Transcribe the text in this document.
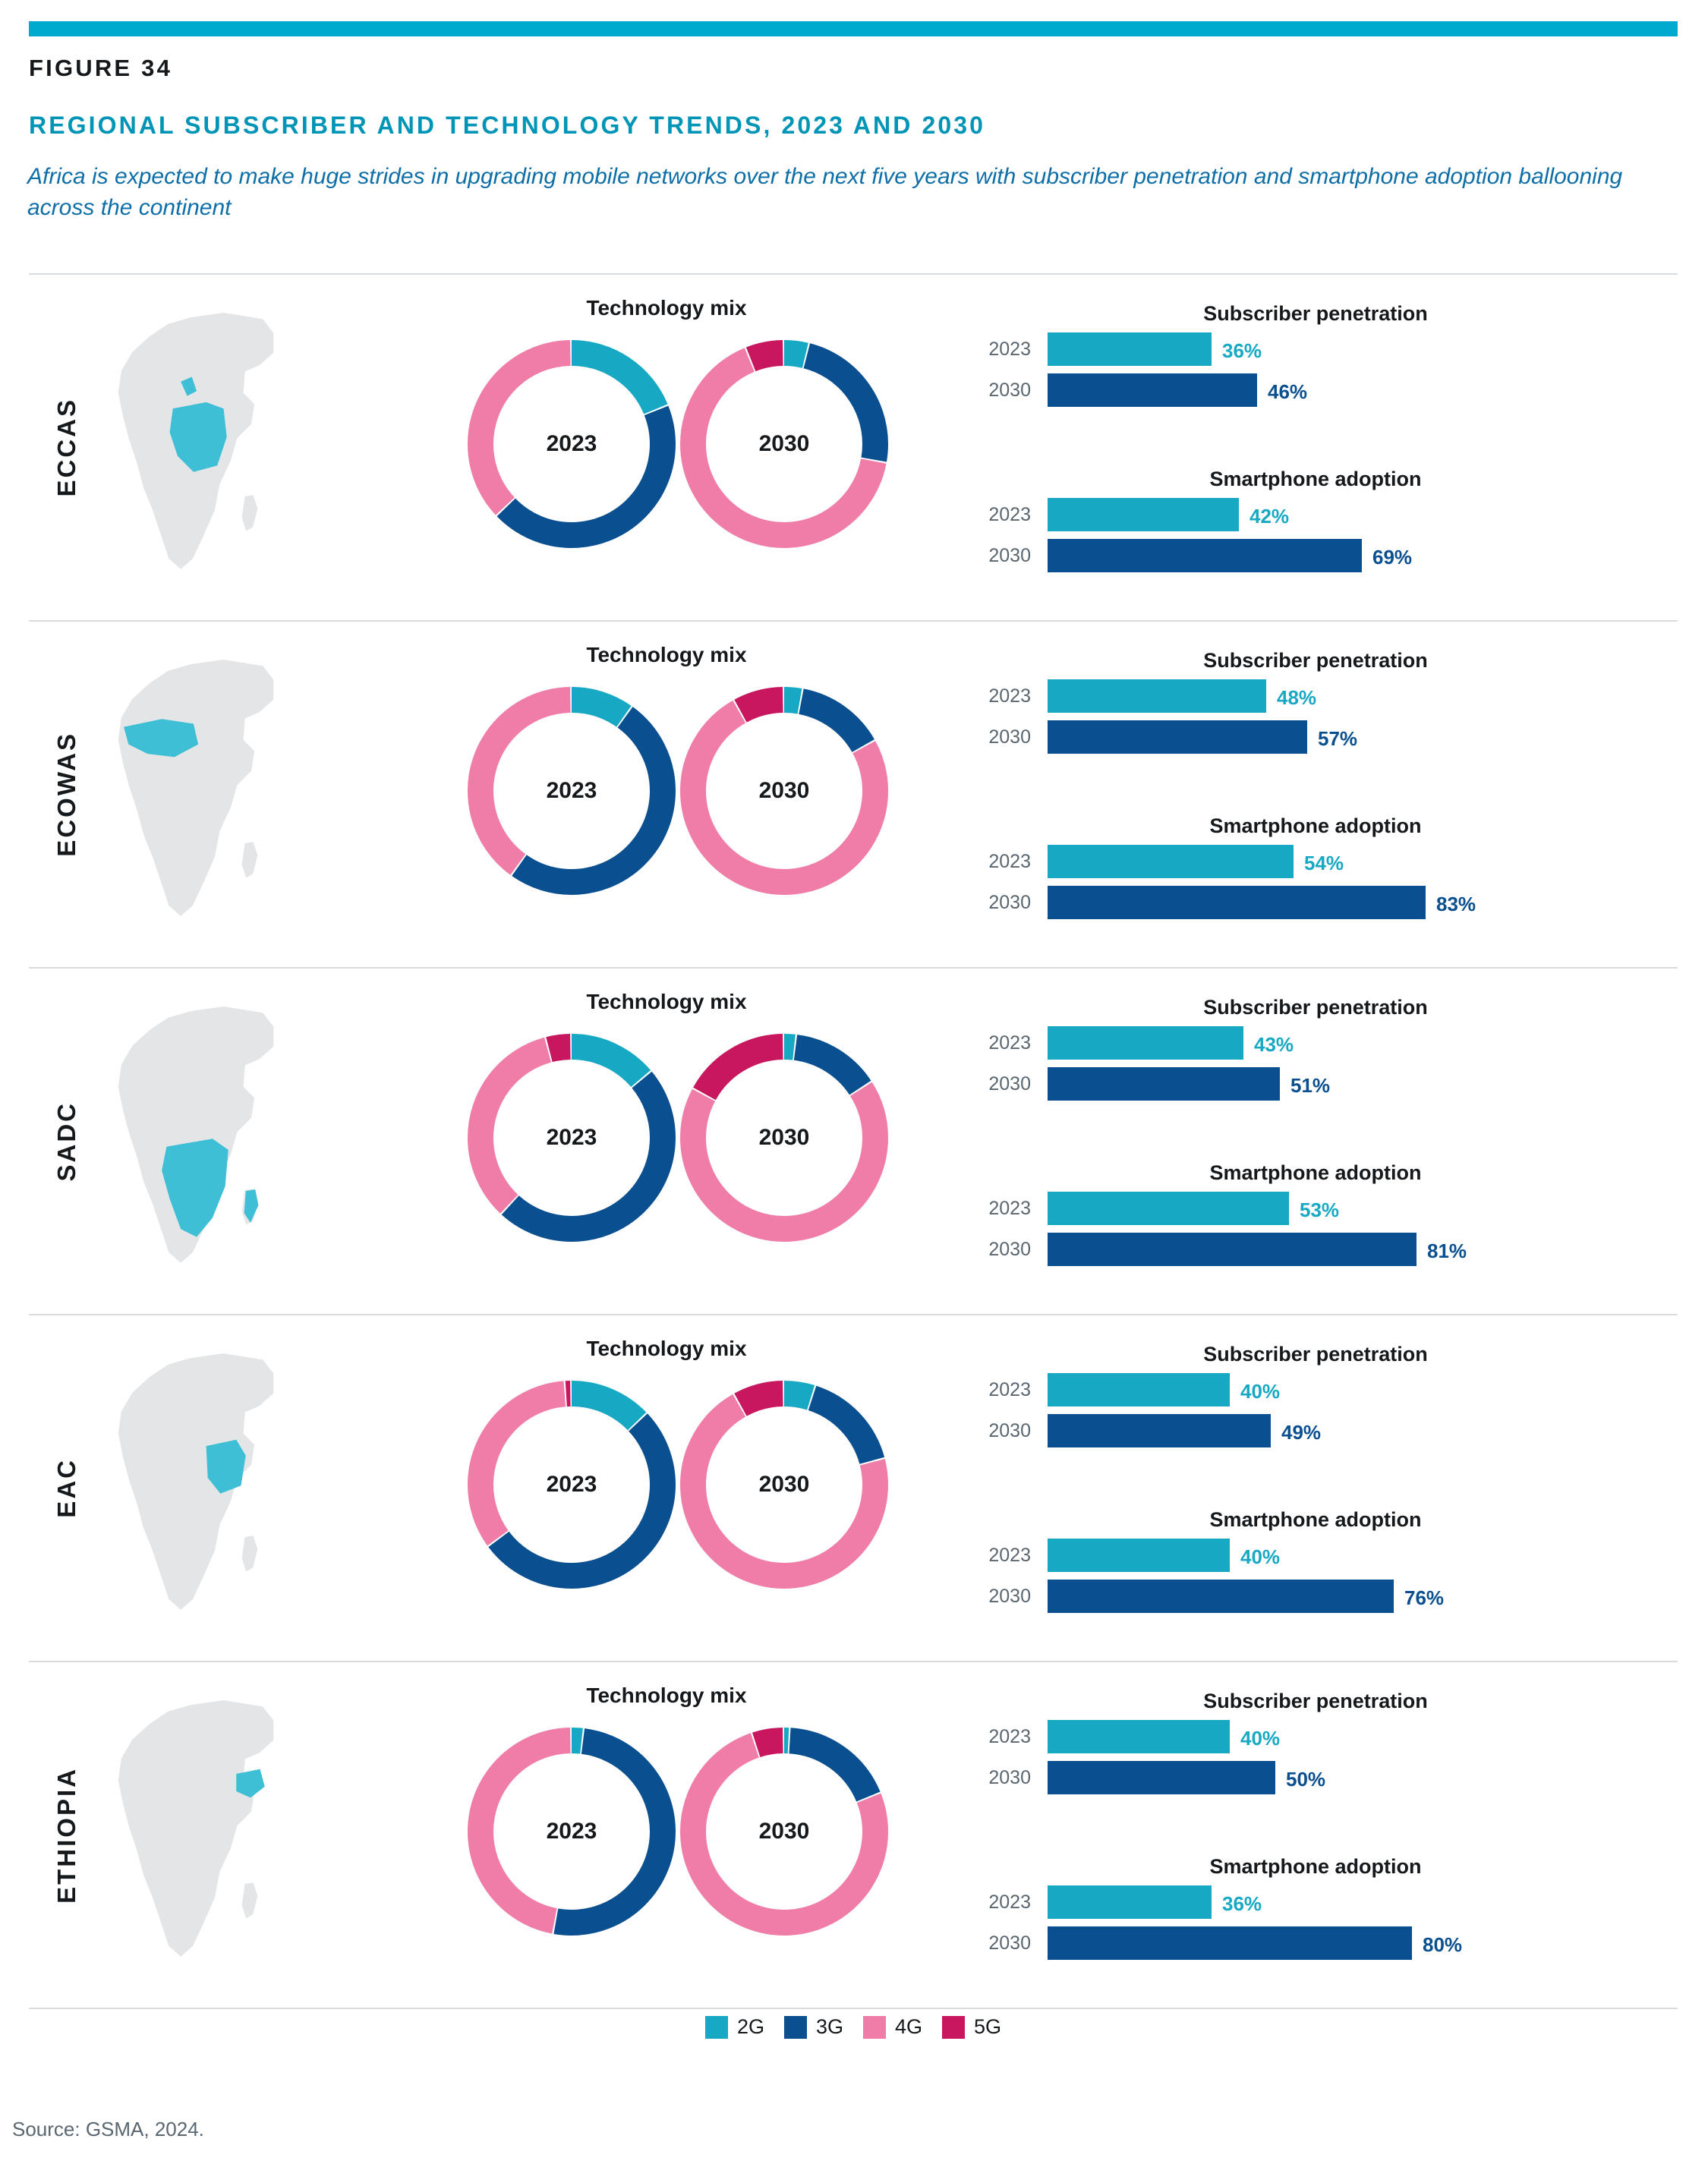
FIGURE 34
REGIONAL SUBSCRIBER AND TECHNOLOGY TRENDS, 2023 AND 2030
Africa is expected to make huge strides in upgrading mobile networks over the next five years with subscriber penetration and smartphone adoption ballooning across the continent
ECCAS
Technology mix
2023	2030
Subscriber penetration
2023	36%
2030	46%
Smartphone adoption
2023	42%
2030	69%
ECOWAS
Technology mix
2023	2030
Subscriber penetration
2023	48%
2030	57%
Smartphone adoption
2023	54%
2030	83%
SADC
Technology mix
2023	2030
Subscriber penetration
2023	43%
2030	51%
Smartphone adoption
2023	53%
2030	81%
EAC
Technology mix
2023	2030
Subscriber penetration
2023	40%
2030	49%
Smartphone adoption
2023	40%
2030	76%
ETHIOPIA
Technology mix
2023	2030
Subscriber penetration
2023	40%
2030	50%
Smartphone adoption
2023	36%
2030	80%
2G	3G	4G	5G
Source: GSMA, 2024.
